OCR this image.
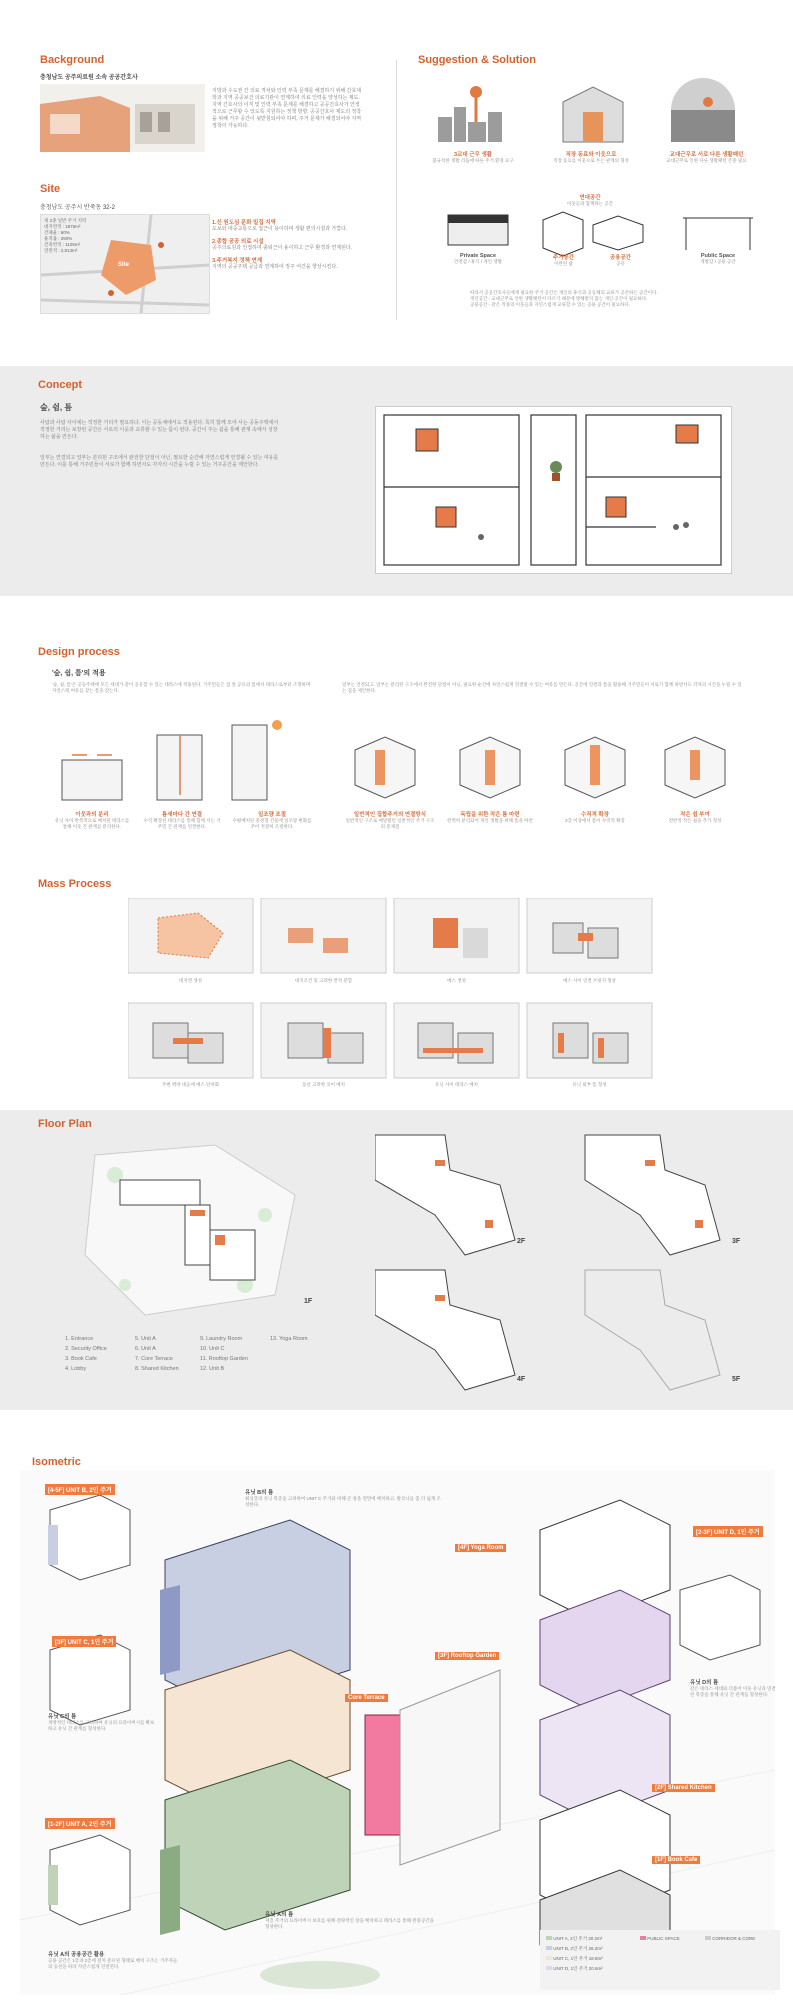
Background
충청남도 공주의료원 소속 공공간호사
지방과 수도권 간 의료 격차와 인력 부족 문제를 해결하기 위해 간호대학과 지역 공공보건 의료기관이 연계하여 의료 인력을 양성하는 제도. 지역 간호사의 이직 및 인력 부족 문제를 해결하고 공공간호사가 안정적으로 근무할 수 있도록 지원하는 정책 방향. 공공간호사 제도의 정착을 위해 거주 공간이 뒷받침되어야 하며, 주거 문제가 해결되어야 지역 정착이 가능하다.
Site
충청남도 공주시 반죽동 32-2
Site
제 2종 일반 주거 지역
대지면적 : 1875m²
건폐율 : 60%
용적률 : 250%
건축면적 : 1125m²
연면적 : 2,813m²
1.신 원도심 문화 밀집 지역
도보와 대중교통으로 접근이 용이하며 생활 편의시설과 가깝다.
2.종합 공공 의료 시설
공주의료원과 인접하여 출퇴근이 용이하고 근무 환경과 연계된다.
3.주거복지 정책 연계
지역의 공공주택 공급과 연계하여 정주 여건을 향상시킨다.
Suggestion & Solution
3교대 근무 생활
불규칙한 생활 리듬에 따른 주거 환경 요구
직장 동료와 이웃으로
직장 동료를 이웃으로 두는 관계의 형성
교대근무로 서로 다른 생활패턴
교대근무로 인한 다른 생활패턴 존중 필요
연대공간
이웃들과 함께하는 공간
Private Space
안전감 / 휴식 / 개인 생활
주거공간
이완된 삶
공용공간
공유
Public Space
개방감 / 공용 공간
따라서 공공간호사들에게 필요한 주거 공간은 개인의 휴식과 공동체의 교류가 공존하는 공간이다.
개인공간 - 교대근무로 인한 생활패턴이 다르기 때문에 방해받지 않는 개인 공간이 필요하다.
공용공간 - 같은 직종의 이웃들과 자연스럽게 교류할 수 있는 공용 공간이 필요하다.
Concept
숲, 쉼, 틈
사람과 사람 사이에는 적정한 거리가 필요하다. 이는 공동체에서도 적용된다. 특히 함께 모여 사는 공동주택에서 적정한 거리는 보장된 공간은 서로의 이웃과 교류할 수 있는 틈이 된다. 공간이 주는 쉼을 통해 관계 속에서 성장하는 삶을 만든다.
일부는 연결되고 일부는 분리된 구조에서 완전한 단절이 아닌, 필요한 순간에 자연스럽게 연결될 수 있는 여유를 만든다. 이를 통해 거주민들이 서로가 함께 하면서도 각자의 시간을 누릴 수 있는 거주공간을 제안한다.
Design process
'숲, 쉼, 틈'의 적용
'숲, 쉼, 틈'은 공동주택에 모든 세대가 같이 공유할 수 있는 테라스에 적용된다. 거주민들은 집 앞 공유의 틈에서 테라스로부터 조망하며 자연스레 여유를 찾는 틈을 갖는다.
일부는 연결되고, 일부는 분리된 구조에서 완전한 단절이 아닌, 필요한 순간에 자연스럽게 연결될 수 있는 여유를 만든다. 공간에 연결과 틈을 활용해 거주민들이 서로가 함께 하면서도 각자의 시간을 누릴 수 있는 집을 제안한다.
이웃과의 분리
유닛 사이 반복적으로 배치된 테라스를 통해 이웃 간 관계를 분리한다.
틈새마다 간 연결
수직 확장된 테라스를 통해 함께 서는 거주민 간 관계를 연결한다.
일조량 조절
수평배치된 중정형 건물에 일조량 변화를 주어 적절히 조절한다.
일반적인 집합주거의 연결방식
일반적인 구조로 매달렸던 일반적인 주거 구조의 문제점
독립을 위한 작은 틈 마련
완벽히 분리되어 개인 생활을 위해 틈을 마련
수직적 확장
2층 이상에서 틈이 수직적 확장
작은 쉼 부여
전반적 작은 쉼을 추가 형성
Mass Process
대지면 생성	대지조건 및 고려한 면적 분할	매스 생성	매스 사이 연결 브릿지 형성
주변 맥락 대응에 매스 단차화	동선 고려한 코어 배치	유닛 사이 테라스 배치	유닛 외부 틈 형성
Floor Plan
1F
1. Entrance
2. Security Office
3. Book Cafe
4. Lobby
5. Unit A
6. Unit A
7. Core Terrace
8. Shared Kitchen
9. Laundry Room
10. Unit C
11. Rooftop Garden
12. Unit B
13. Yoga Room
2F	3F
4F	5F
Isometric
[4-5F] UNIT B, 2인 주거
[3F] UNIT C, 1인 주거
[1-2F] UNIT A, 2인 주거
Core Terrace
[4F] Yoga Room
[3F] Rooftop Garden
[2-3F] UNIT D, 1인 주거
[2F] Shared Kitchen
[1F] Book Cafe
유닛 B의 틈
최상층의 유닛 복층을 고려하여 UNIT C 주거와 비해 큰 창을 전면에 배치하고, 발코니를 좀 더 넓게 조성한다.
유닛 C의 틈
개방적인 테라스를 고려하여 유닛의 프라이버시를 확보하고 유닛 간 관계를 형성한다.
유닛 A의 틈
저층 주거의 프라이버시 보호를 위해 전략적인 창을 배치하고 테라스를 통해 완충공간을 형성한다.
유닛 D의 틈
같은 테라스 세대와 더불어 이웃 유닛과 연결된 복층을 통해 유닛 간 관계를 형성한다.
유닛 A의 공용공간 활용
공용 공간은 1층과 2층에 걸쳐 분포된 형태로 배치 구조는 거주자들의 동선을 따라 자연스럽게 연결된다.
UNIT A, 2인 주거 30.2m²
UNIT B, 2인 주거 26.2m²
UNIT C, 1인 주거 18.8m²
UNIT D, 1인 주거 20.6m²
PUBLIC SPACE	CORRIDOR & CORE
